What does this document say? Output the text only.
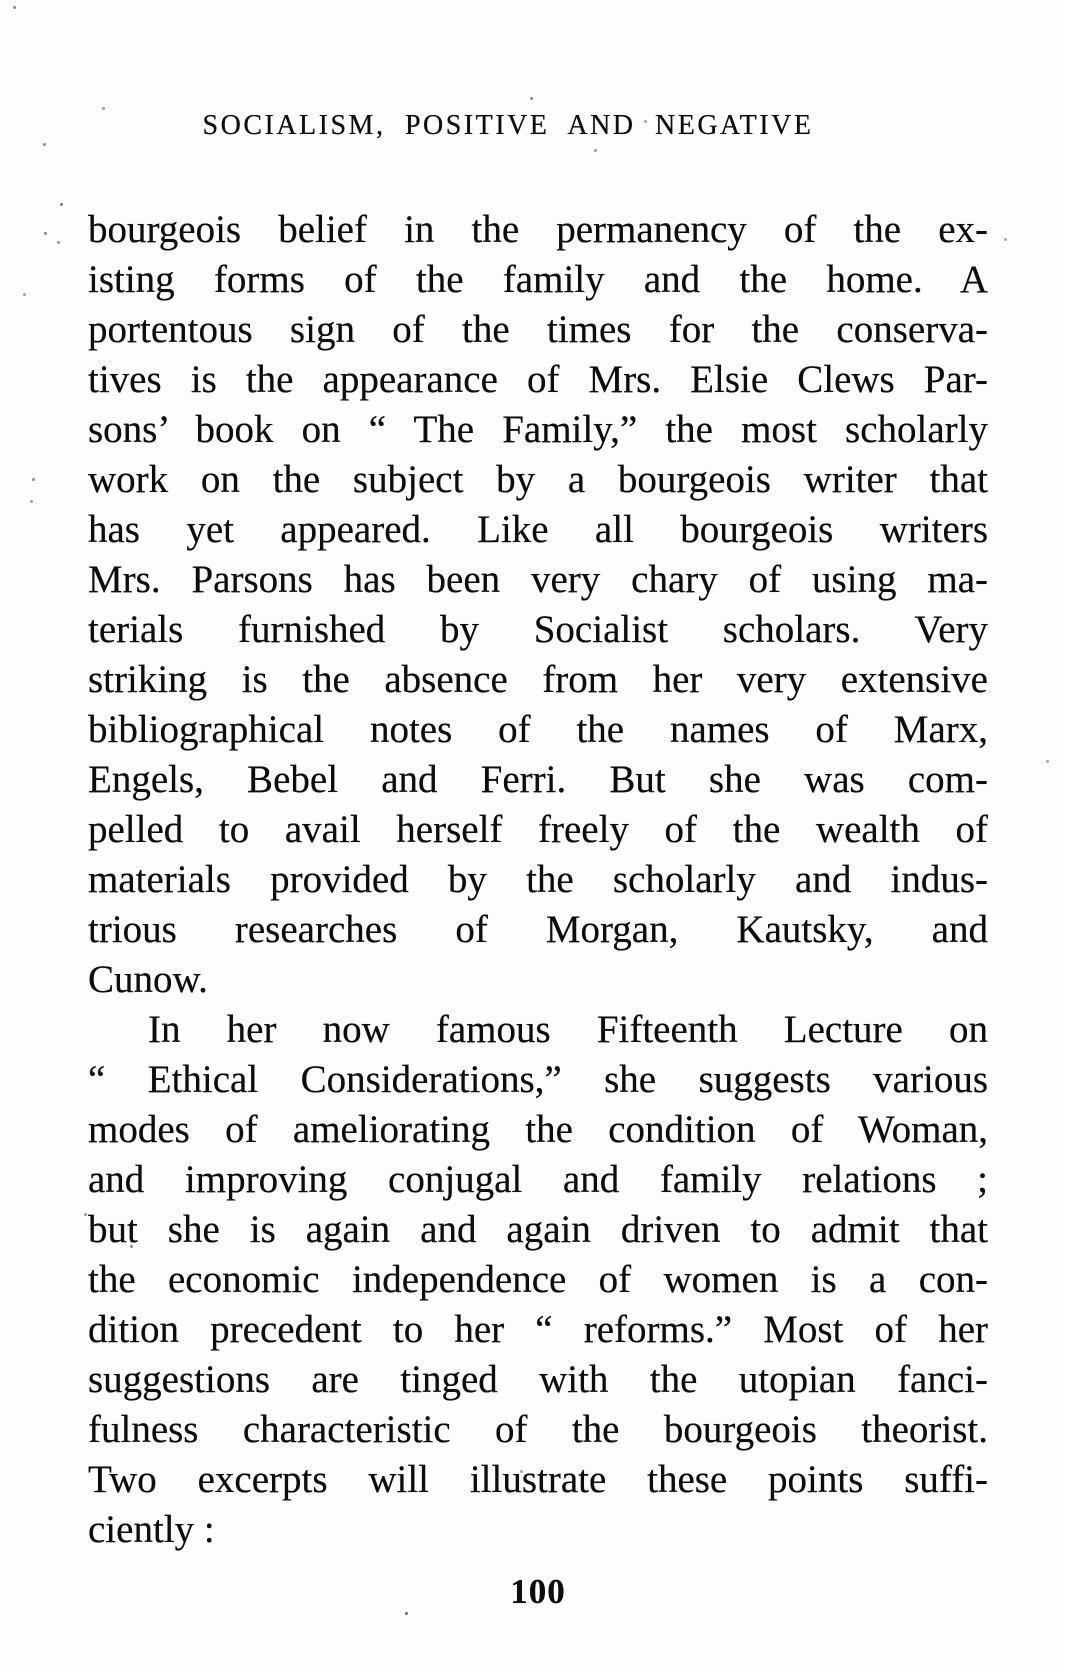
SOCIALISM, POSITIVE AND NEGATIVE
bourgeois belief in the permanency of the ex-
isting forms of the family and the home. A
portentous sign of the times for the conserva-
tives is the appearance of Mrs. Elsie Clews Par-
sons’ book on “ The Family,” the most scholarly
work on the subject by a bourgeois writer that
has yet appeared. Like all bourgeois writers
Mrs. Parsons has been very chary of using ma-
terials furnished by Socialist scholars. Very
striking is the absence from her very extensive
bibliographical notes of the names of Marx,
Engels, Bebel and Ferri. But she was com-
pelled to avail herself freely of the wealth of
materials provided by the scholarly and indus-
trious researches of Morgan, Kautsky, and
Cunow.
In her now famous Fifteenth Lecture on
“ Ethical Considerations,” she suggests various
modes of ameliorating the condition of Woman,
and improving conjugal and family relations ;
but she is again and again driven to admit that
the economic independence of women is a con-
dition precedent to her “ reforms.” Most of her
suggestions are tinged with the utopian fanci-
fulness characteristic of the bourgeois theorist.
Two excerpts will illustrate these points suffi-
ciently :
100
